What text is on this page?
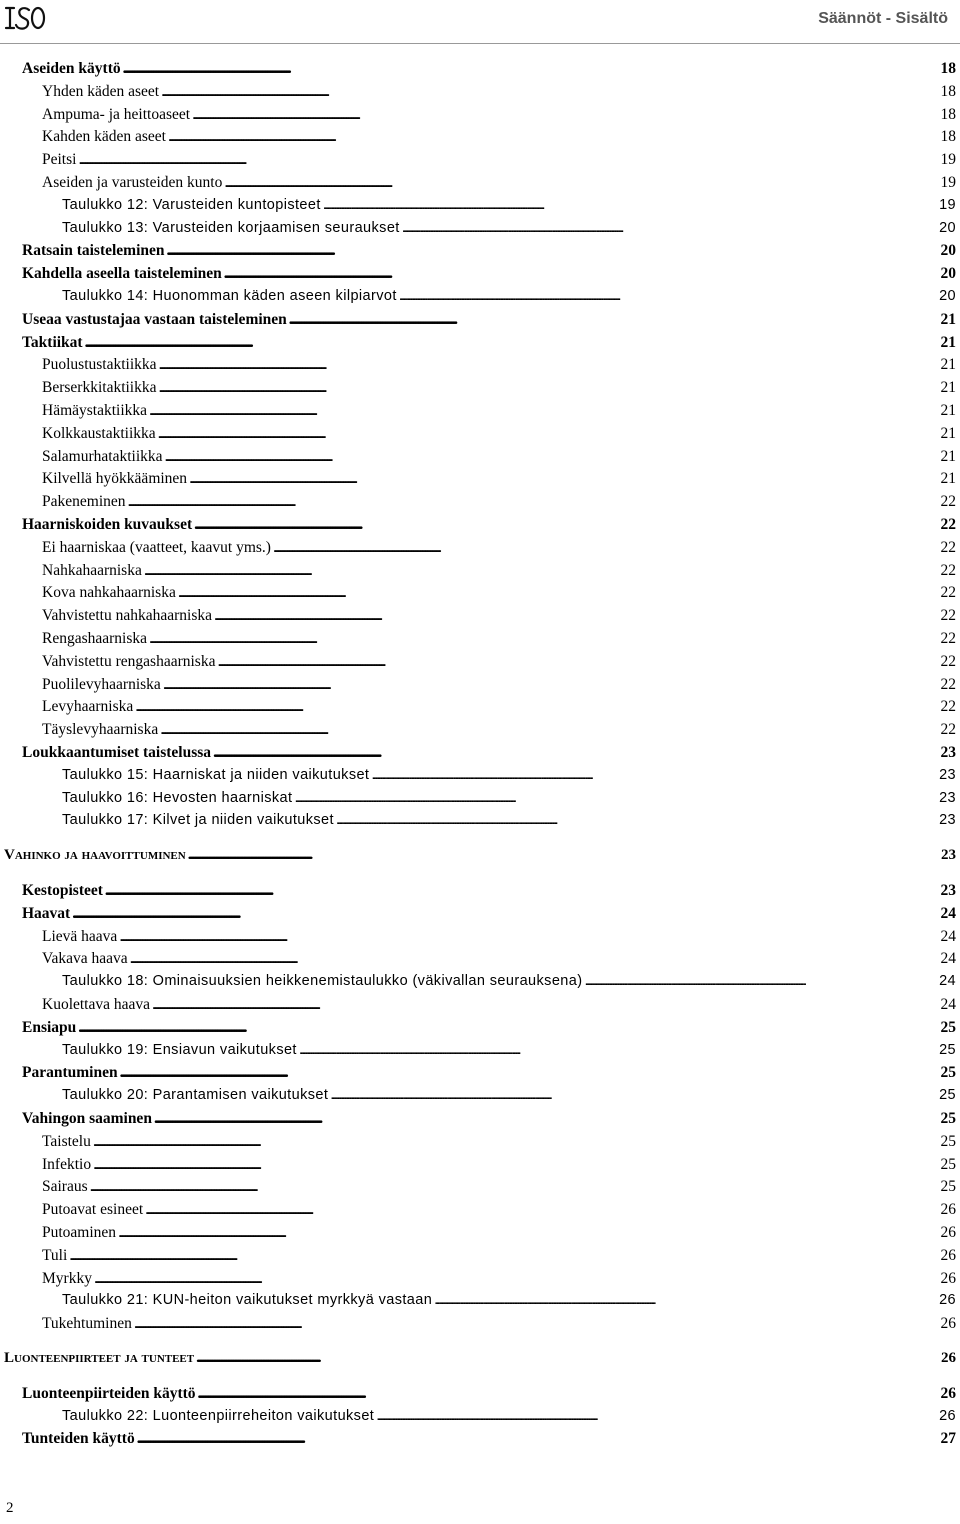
Säännöt - Sisältö
Aseiden käyttö . . .	18
Yhden käden aseet . . .	18
Ampuma- ja heittoaseet . . .	18
Kahden käden aseet . . .	18
Peitsi . . .	19
Aseiden ja varusteiden kunto . . .	19
Taulukko 12: Varusteiden kuntopisteet . . .	19
Taulukko 13: Varusteiden korjaamisen seuraukset . . .	20
Ratsain taisteleminen . . .	20
Kahdella aseella taisteleminen . . .	20
Taulukko 14: Huonomman käden aseen kilpiarvot . . .	20
Useaa vastustajaa vastaan taisteleminen . . .	21
Taktiikat . . .	21
Puolustustaktiikka . . .	21
Berserkkitaktiikka . . .	21
Hämäystaktiikka . . .	21
Kolkkaustaktiikka . . .	21
Salamurhataktiikka . . .	21
Kilvellä hyökkääminen . . .	21
Pakeneminen . . .	22
Haarniskoiden kuvaukset . . .	22
Ei haarniskaa (vaatteet, kaavut yms.) . . .	22
Nahkahaarniska . . .	22
Kova nahkahaarniska . . .	22
Vahvistettu nahkahaarniska . . .	22
Rengashaarniska . . .	22
Vahvistettu rengashaarniska . . .	22
Puolilevyhaarniska . . .	22
Levyhaarniska . . .	22
Täyslevyhaarniska . . .	22
Loukkaantumiset taistelussa . . .	23
Taulukko 15: Haarniskat ja niiden vaikutukset . . .	23
Taulukko 16: Hevosten haarniskat . . .	23
Taulukko 17: Kilvet ja niiden vaikutukset . . .	23
Vahinko ja haavoittuminen . . .	23
Kestopisteet . . .	23
Haavat . . .	24
Lievä haava . . .	24
Vakava haava . . .	24
Taulukko 18: Ominaisuuksien heikkenemistaulukko (väkivallan seurauksena) . . .	24
Kuolettava haava . . .	24
Ensiapu . . .	25
Taulukko 19: Ensiavun vaikutukset . . .	25
Parantuminen . . .	25
Taulukko 20: Parantamisen vaikutukset . . .	25
Vahingon saaminen . . .	25
Taistelu . . .	25
Infektio . . .	25
Sairaus . . .	25
Putoavat esineet . . .	26
Putoaminen . . .	26
Tuli . . .	26
Myrkky . . .	26
Taulukko 21: KUN-heiton vaikutukset myrkkyä vastaan . . .	26
Tukehtuminen . . .	26
Luonteenpiirteet ja tunteet . . .	26
Luonteenpiirteiden käyttö . . .	26
Taulukko 22: Luonteenpiirreheiton vaikutukset . . .	26
Tunteiden käyttö . . .	27
2
